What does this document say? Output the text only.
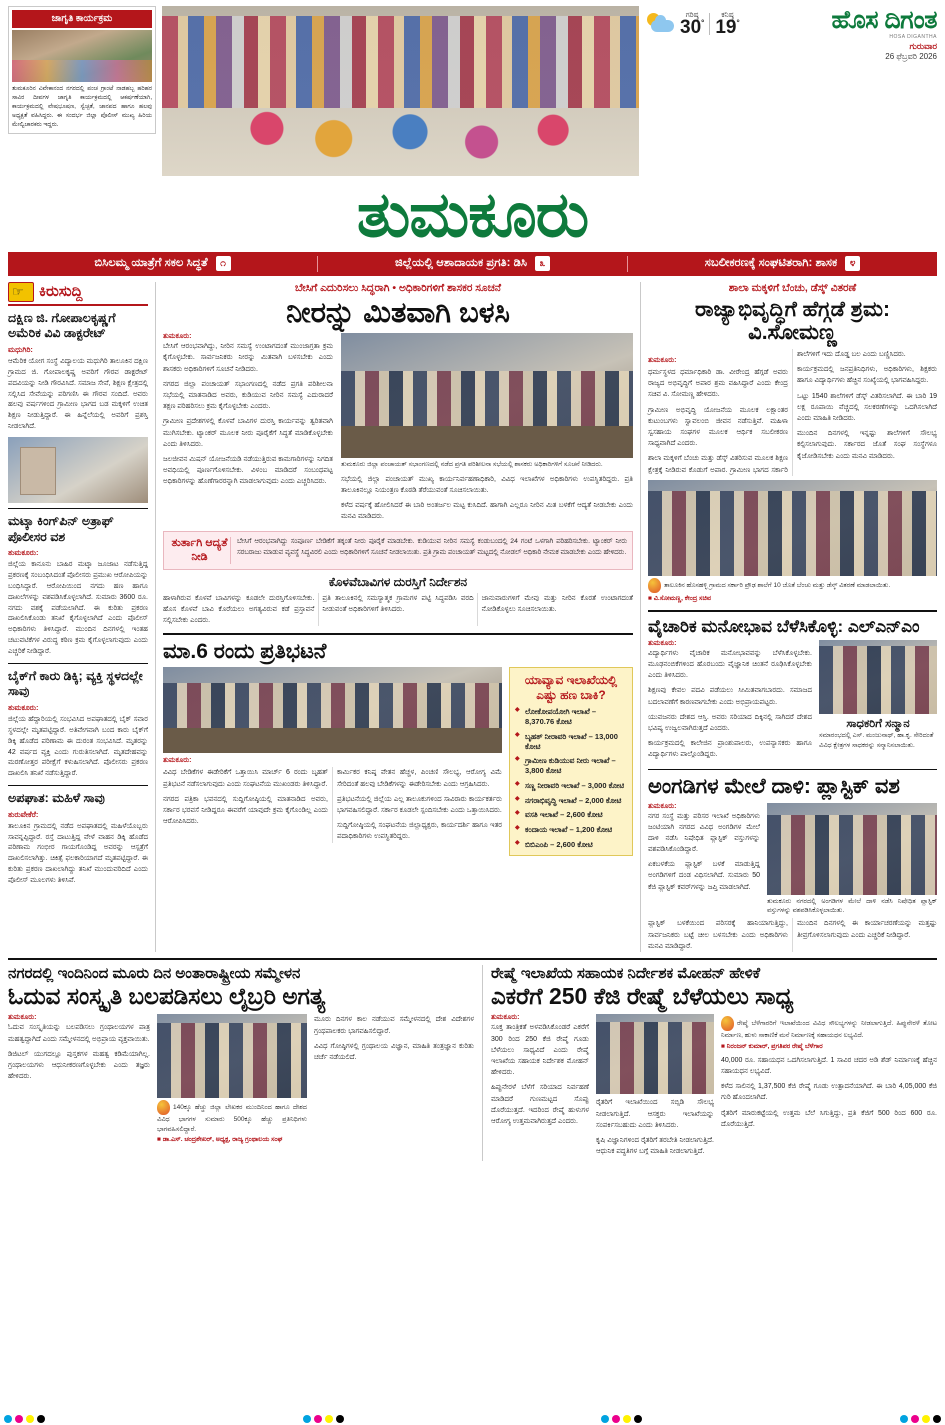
ಜಾಗೃತಿ ಕಾರ್ಯಕ್ರಮ
ತುಮಕೂರಿನ ವಿವೇಕಾನಂದ ನಗರದಲ್ಲಿ ಪಂಚ ಗ್ರಾಂಟೆ ನಾಡಹಬ್ಬ ಹರಿಹರ ಸಾವಿರ ದೀಪಗಳ ಜಾಗೃತಿ ಕಾರ್ಯಕ್ರಮದಲ್ಲಿ ಆಕರ್ಷಣೆಯಾಗಿ, ಕಾರ್ಯಕ್ರಮದಲ್ಲಿ ವೇಷಭೂಷಣ, ಸ್ವೆಚ್ಛತೆ, ಜಾನಪದ ಹಾಗೂ ಹಲವು ಅಧ್ಯಕ್ಷತೆ ವಹಿಸಿದ್ದರು. ಈ ಸಂದರ್ಭ ಜಿಲ್ಲಾ ಪೊಲೀಸ್ ಮುಖ್ಯ ಹಿರಿಯ ಮೇಲ್ವಿಚಾರಕರು ಇದ್ದರು.
ಗರಿಷ್ಠ
30°
ಕನಿಷ್ಠ
19°	ಹೊಸ ದಿಗಂತ
HOSA DIGANTHA
ಗುರುವಾರ
26 ಫೆಬ್ರವರಿ 2026
ತುಮಕೂರು
ಬಿಸಿಲಮ್ಮ ಯಾತ್ರೆಗೆ ಸಕಲ ಸಿದ್ಧತೆ	೧	ಜಿಲ್ಲೆಯಲ್ಲಿ ಆಶಾದಾಯಕ ಪ್ರಗತಿ: ಡಿಸಿ	೩	ಸಬಲೀಕರಣಕ್ಕೆ ಸಂಘಟಿತರಾಗಿ: ಶಾಸಕ	೪
☞
ಕಿರುಸುದ್ದಿ
ದಕ್ಷಿಣ ಜಿ. ಗೋಪಾಲಕೃಷ್ಣಗೆ ಅಮೆರಿಕ ವಿವಿ ಡಾಕ್ಟರೇಟ್
ಮಧುಗಿರಿ:
ಆಮೆರಿಕ ಯೋಗ ಸಂಸ್ಥೆ ವಿದ್ಯಾಲಯ ಮಧುಗಿರಿ ತಾಲೂಕಿನ ದಕ್ಷಿಣ ಗ್ರಾಮದ ಜಿ. ಗೋಪಾಲಕೃಷ್ಣ ಅವರಿಗೆ ಗೌರವ ಡಾಕ್ಟರೇಟ್ ಪದವಿಯನ್ನು ನೀಡಿ ಗೌರವಿಸಿದೆ. ಸಮಾಜ ಸೇವೆ, ಶಿಕ್ಷಣ ಕ್ಷೇತ್ರದಲ್ಲಿ ಸಲ್ಲಿಸಿದ ಸೇವೆಯನ್ನು ಪರಿಗಣಿಸಿ ಈ ಗೌರವ ಸಂದಿದೆ. ಅವರು ಹಲವು ವರ್ಷಗಳಿಂದ ಗ್ರಾಮೀಣ ಭಾಗದ ಬಡ ಮಕ್ಕಳಿಗೆ ಉಚಿತ ಶಿಕ್ಷಣ ನೀಡುತ್ತಿದ್ದಾರೆ. ಈ ಹಿನ್ನೆಲೆಯಲ್ಲಿ ಅವರಿಗೆ ಪ್ರಶಸ್ತಿ ನೀಡಲಾಗಿದೆ.
ಮಟ್ಕಾ ಕಿಂಗ್‌ಪಿನ್ ಅತ್ರಾಫ್ ಪೊಲೀಸರ ವಶ
ತುಮಕೂರು:
ಜಿಲ್ಲೆಯ ಕಾನೂನು ಬಾಹಿರ ಮಟ್ಕಾ ಜೂಜಾಟ ನಡೆಸುತ್ತಿದ್ದ ಪ್ರಕರಣಕ್ಕೆ ಸಂಬಂಧಿಸಿದಂತೆ ಪೊಲೀಸರು ಪ್ರಮುಖ ಆರೋಪಿಯನ್ನು ಬಂಧಿಸಿದ್ದಾರೆ. ಆರೋಪಿಯಿಂದ ನಗದು ಹಣ ಹಾಗೂ ದಾಖಲೆಗಳನ್ನು ವಶಪಡಿಸಿಕೊಳ್ಳಲಾಗಿದೆ. ಸುಮಾರು 3600 ರೂ. ನಗದು ವಶಕ್ಕೆ ಪಡೆಯಲಾಗಿದೆ. ಈ ಕುರಿತು ಪ್ರಕರಣ ದಾಖಲಿಸಿಕೊಂಡು ತನಿಖೆ ಕೈಗೊಳ್ಳಲಾಗಿದೆ ಎಂದು ಪೊಲೀಸ್ ಅಧಿಕಾರಿಗಳು ತಿಳಿಸಿದ್ದಾರೆ. ಮುಂದಿನ ದಿನಗಳಲ್ಲಿ ಇಂತಹ ಚಟುವಟಿಕೆಗಳ ವಿರುದ್ಧ ಕಠಿಣ ಕ್ರಮ ಕೈಗೊಳ್ಳಲಾಗುವುದು ಎಂದು ಎಚ್ಚರಿಕೆ ನೀಡಿದ್ದಾರೆ.
ಬೈಕ್‌ಗೆ ಕಾರು ಡಿಕ್ಕಿ; ವ್ಯಕ್ತಿ ಸ್ಥಳದಲ್ಲೇ ಸಾವು
ತುಮಕೂರು:
ಜಿಲ್ಲೆಯ ಹೆದ್ದಾರಿಯಲ್ಲಿ ಸಂಭವಿಸಿದ ಅಪಘಾತದಲ್ಲಿ ಬೈಕ್ ಸವಾರ ಸ್ಥಳದಲ್ಲೇ ಮೃತಪಟ್ಟಿದ್ದಾರೆ. ಅತಿವೇಗವಾಗಿ ಬಂದ ಕಾರು ಬೈಕ್‌ಗೆ ಡಿಕ್ಕಿ ಹೊಡೆದ ಪರಿಣಾಮ ಈ ದುರಂತ ಸಂಭವಿಸಿದೆ. ಮೃತರನ್ನು 42 ವರ್ಷದ ವ್ಯಕ್ತಿ ಎಂದು ಗುರುತಿಸಲಾಗಿದೆ. ಮೃತದೇಹವನ್ನು ಮರಣೋತ್ತರ ಪರೀಕ್ಷೆಗೆ ಕಳುಹಿಸಲಾಗಿದೆ. ಪೊಲೀಸರು ಪ್ರಕರಣ ದಾಖಲಿಸಿ ತನಿಖೆ ನಡೆಸುತ್ತಿದ್ದಾರೆ.
ಅಪಘಾತ: ಮಹಿಳೆ ಸಾವು
ತುರುವೇಕೆರೆ:
ತಾಲೂಕಿನ ಗ್ರಾಮದಲ್ಲಿ ನಡೆದ ಅಪಘಾತದಲ್ಲಿ ಮಹಿಳೆಯೊಬ್ಬರು ಸಾವನ್ನಪ್ಪಿದ್ದಾರೆ. ರಸ್ತೆ ದಾಟುತ್ತಿದ್ದ ವೇಳೆ ವಾಹನ ಡಿಕ್ಕಿ ಹೊಡೆದ ಪರಿಣಾಮ ಗಂಭೀರ ಗಾಯಗೊಂಡಿದ್ದ ಅವರನ್ನು ಆಸ್ಪತ್ರೆಗೆ ದಾಖಲಿಸಲಾಗಿತ್ತು. ಚಿಕಿತ್ಸೆ ಫಲಕಾರಿಯಾಗದೆ ಮೃತಪಟ್ಟಿದ್ದಾರೆ. ಈ ಕುರಿತು ಪ್ರಕರಣ ದಾಖಲಾಗಿದ್ದು ತನಿಖೆ ಮುಂದುವರಿದಿದೆ ಎಂದು ಪೊಲೀಸ್ ಮೂಲಗಳು ತಿಳಿಸಿವೆ.
ಬೇಸಿಗೆ ಎದುರಿಸಲು ಸಿದ್ಧರಾಗಿ • ಅಧಿಕಾರಿಗಳಿಗೆ ಶಾಸಕರ ಸೂಚನೆ
ನೀರನ್ನು ಮಿತವಾಗಿ ಬಳಸಿ
ತುಮಕೂರು:

ಬೇಸಿಗೆ ಆರಂಭವಾಗಿದ್ದು, ನೀರಿನ ಸಮಸ್ಯೆ ಉಂಟಾಗದಂತೆ ಮುಂಜಾಗ್ರತಾ ಕ್ರಮ ಕೈಗೊಳ್ಳಬೇಕು. ಸಾರ್ವಜನಿಕರು ನೀರನ್ನು ಮಿತವಾಗಿ ಬಳಸಬೇಕು ಎಂದು ಶಾಸಕರು ಅಧಿಕಾರಿಗಳಿಗೆ ಸೂಚನೆ ನೀಡಿದರು.

ನಗರದ ಜಿಲ್ಲಾ ಪಂಚಾಯತ್ ಸಭಾಂಗಣದಲ್ಲಿ ನಡೆದ ಪ್ರಗತಿ ಪರಿಶೀಲನಾ ಸಭೆಯಲ್ಲಿ ಮಾತನಾಡಿದ ಅವರು, ಕುಡಿಯುವ ನೀರಿನ ಸಮಸ್ಯೆ ಎದುರಾದರೆ ತಕ್ಷಣ ಪರಿಹರಿಸಲು ಕ್ರಮ ಕೈಗೊಳ್ಳಬೇಕು ಎಂದರು.

ಗ್ರಾಮೀಣ ಪ್ರದೇಶಗಳಲ್ಲಿ ಕೊಳವೆ ಬಾವಿಗಳ ದುರಸ್ತಿ ಕಾರ್ಯವನ್ನು ತ್ವರಿತವಾಗಿ ಮುಗಿಸಬೇಕು. ಟ್ಯಾಂಕರ್ ಮೂಲಕ ನೀರು ಪೂರೈಕೆಗೆ ಸಿದ್ಧತೆ ಮಾಡಿಕೊಳ್ಳಬೇಕು ಎಂದು ತಿಳಿಸಿದರು.

ಜಲಜೀವನ ಮಿಷನ್ ಯೋಜನೆಯಡಿ ನಡೆಯುತ್ತಿರುವ ಕಾಮಗಾರಿಗಳನ್ನು ನಿಗದಿತ ಅವಧಿಯಲ್ಲಿ ಪೂರ್ಣಗೊಳಿಸಬೇಕು. ವಿಳಂಬ ಮಾಡಿದರೆ ಸಂಬಂಧಪಟ್ಟ ಅಧಿಕಾರಿಗಳನ್ನು ಹೊಣೆಗಾರರನ್ನಾಗಿ ಮಾಡಲಾಗುವುದು ಎಂದು ಎಚ್ಚರಿಸಿದರು.

ತುಮಕೂರು ಜಿಲ್ಲಾ ಪಂಚಾಯತ್ ಸಭಾಂಗಣದಲ್ಲಿ ನಡೆದ ಪ್ರಗತಿ ಪರಿಶೀಲನಾ ಸಭೆಯಲ್ಲಿ ಶಾಸಕರು ಅಧಿಕಾರಿಗಳಿಗೆ ಸೂಚನೆ ನೀಡಿದರು.

ಸಭೆಯಲ್ಲಿ ಜಿಲ್ಲಾ ಪಂಚಾಯತ್ ಮುಖ್ಯ ಕಾರ್ಯನಿರ್ವಹಣಾಧಿಕಾರಿ, ವಿವಿಧ ಇಲಾಖೆಗಳ ಅಧಿಕಾರಿಗಳು ಉಪಸ್ಥಿತರಿದ್ದರು. ಪ್ರತಿ ತಾಲೂಕಿನಲ್ಲೂ ನಿಯಂತ್ರಣ ಕೊಠಡಿ ತೆರೆಯುವಂತೆ ಸೂಚಿಸಲಾಯಿತು.

ಕಳೆದ ವರ್ಷಕ್ಕೆ ಹೋಲಿಸಿದರೆ ಈ ಬಾರಿ ಅಂತರ್ಜಲ ಮಟ್ಟ ಕುಸಿದಿದೆ. ಹಾಗಾಗಿ ಎಲ್ಲರೂ ನೀರಿನ ಮಿತ ಬಳಕೆಗೆ ಆದ್ಯತೆ ನೀಡಬೇಕು ಎಂದು ಮನವಿ ಮಾಡಿದರು.

ತುರ್ತಾಗಿ ಆದ್ಯತೆ ನೀಡಿ
ಬೇಸಿಗೆ ಆರಂಭವಾಗಿದ್ದು ಸಂಪೂರ್ಣ ಬೇಡಿಕೆಗೆ ತಕ್ಕಂತೆ ನೀರು ಪೂರೈಕೆ ಮಾಡಬೇಕು. ಕುಡಿಯುವ ನೀರಿನ ಸಮಸ್ಯೆ ಕಂಡುಬಂದಲ್ಲಿ 24 ಗಂಟೆ ಒಳಗಾಗಿ ಪರಿಹರಿಸಬೇಕು. ಟ್ಯಾಂಕರ್ ನೀರು ಸರಬರಾಜು ಮಾಡುವ ವ್ಯವಸ್ಥೆ ಸಿದ್ಧವಿರಲಿ ಎಂದು ಅಧಿಕಾರಿಗಳಿಗೆ ಸೂಚನೆ ನೀಡಲಾಯಿತು. ಪ್ರತಿ ಗ್ರಾಮ ಪಂಚಾಯತ್ ಮಟ್ಟದಲ್ಲಿ ನೋಡಲ್ ಅಧಿಕಾರಿ ನೇಮಕ ಮಾಡಬೇಕು ಎಂದು ಹೇಳಿದರು.
ಕೊಳವೆಬಾವಿಗಳ ದುರಸ್ತಿಗೆ ನಿರ್ದೇಶನ

ಹಾಳಾಗಿರುವ ಕೊಳವೆ ಬಾವಿಗಳನ್ನು ಕೂಡಲೇ ದುರಸ್ತಿಗೊಳಿಸಬೇಕು. ಹೊಸ ಕೊಳವೆ ಬಾವಿ ಕೊರೆಯಲು ಅಗತ್ಯವಿರುವ ಕಡೆ ಪ್ರಸ್ತಾವನೆ ಸಲ್ಲಿಸಬೇಕು ಎಂದರು.

ಪ್ರತಿ ತಾಲೂಕಿನಲ್ಲಿ ಸಮಸ್ಯಾತ್ಮಕ ಗ್ರಾಮಗಳ ಪಟ್ಟಿ ಸಿದ್ಧಪಡಿಸಿ ವರದಿ ನೀಡುವಂತೆ ಅಧಿಕಾರಿಗಳಿಗೆ ತಿಳಿಸಿದರು.

ಜಾನುವಾರುಗಳಿಗೆ ಮೇವು ಮತ್ತು ನೀರಿನ ಕೊರತೆ ಉಂಟಾಗದಂತೆ ನೋಡಿಕೊಳ್ಳಲು ಸೂಚಿಸಲಾಯಿತು.

ಮಾ.6 ರಂದು ಪ್ರತಿಭಟನೆ
ತುಮಕೂರು:

ವಿವಿಧ ಬೇಡಿಕೆಗಳ ಈಡೇರಿಕೆಗೆ ಒತ್ತಾಯಿಸಿ ಮಾರ್ಚ್ 6 ರಂದು ಬೃಹತ್ ಪ್ರತಿಭಟನೆ ನಡೆಸಲಾಗುವುದು ಎಂದು ಸಂಘಟನೆಯ ಮುಖಂಡರು ತಿಳಿಸಿದ್ದಾರೆ.

ನಗರದ ಪತ್ರಿಕಾ ಭವನದಲ್ಲಿ ಸುದ್ದಿಗೋಷ್ಠಿಯಲ್ಲಿ ಮಾತನಾಡಿದ ಅವರು, ಸರ್ಕಾರ ಭರವಸೆ ನೀಡಿದ್ದರೂ ಈವರೆಗೆ ಯಾವುದೇ ಕ್ರಮ ಕೈಗೊಂಡಿಲ್ಲ ಎಂದು ಆರೋಪಿಸಿದರು.

ಕಾರ್ಮಿಕರ ಕನಿಷ್ಠ ವೇತನ ಹೆಚ್ಚಳ, ಪಿಂಚಣಿ ಸೌಲಭ್ಯ, ಆರೋಗ್ಯ ವಿಮೆ ಸೇರಿದಂತೆ ಹಲವು ಬೇಡಿಕೆಗಳನ್ನು ಈಡೇರಿಸಬೇಕು ಎಂದು ಆಗ್ರಹಿಸಿದರು.

ಪ್ರತಿಭಟನೆಯಲ್ಲಿ ಜಿಲ್ಲೆಯ ಎಲ್ಲ ತಾಲೂಕುಗಳಿಂದ ಸಾವಿರಾರು ಕಾರ್ಯಕರ್ತರು ಭಾಗವಹಿಸಲಿದ್ದಾರೆ. ಸರ್ಕಾರ ಕೂಡಲೇ ಸ್ಪಂದಿಸಬೇಕು ಎಂದು ಒತ್ತಾಯಿಸಿದರು.

ಸುದ್ದಿಗೋಷ್ಠಿಯಲ್ಲಿ ಸಂಘಟನೆಯ ಜಿಲ್ಲಾಧ್ಯಕ್ಷರು, ಕಾರ್ಯದರ್ಶಿ ಹಾಗೂ ಇತರ ಪದಾಧಿಕಾರಿಗಳು ಉಪಸ್ಥಿತರಿದ್ದರು.

ಯಾವ್ಯಾವ ಇಲಾಖೆಯಲ್ಲಿ ಎಷ್ಟು ಹಣ ಬಾಕಿ?
◆ ಲೋಕೋಪಯೋಗಿ ಇಲಾಖೆ – 8,370.76 ಕೋಟಿ
◆ ಬೃಹತ್ ನೀರಾವರಿ ಇಲಾಖೆ – 13,000 ಕೋಟಿ
◆ ಗ್ರಾಮೀಣ ಕುಡಿಯುವ ನೀರು ಇಲಾಖೆ – 3,800 ಕೋಟಿ
◆ ಸಣ್ಣ ನೀರಾವರಿ ಇಲಾಖೆ – 3,000 ಕೋಟಿ
◆ ನಗರಾಭಿವೃದ್ಧಿ ಇಲಾಖೆ – 2,000 ಕೋಟಿ
◆ ವಸತಿ ಇಲಾಖೆ – 2,600 ಕೋಟಿ
◆ ಕಂದಾಯ ಇಲಾಖೆ – 1,200 ಕೋಟಿ
◆ ಬಿಬಿಎಂಪಿ – 2,600 ಕೋಟಿ
ಶಾಲಾ ಮಕ್ಕಳಿಗೆ ಬೆಂಚು, ಡೆಸ್ಕ್ ವಿತರಣೆ
ರಾಜ್ಯಾಭಿವೃದ್ಧಿಗೆ ಹೆಗ್ಗಡೆ ಶ್ರಮ: ವಿ.ಸೋಮಣ್ಣ
ತುಮಕೂರು:

ಧರ್ಮಸ್ಥಳದ ಧರ್ಮಾಧಿಕಾರಿ ಡಾ. ವೀರೇಂದ್ರ ಹೆಗ್ಗಡೆ ಅವರು ರಾಜ್ಯದ ಅಭಿವೃದ್ಧಿಗೆ ಅಪಾರ ಶ್ರಮ ವಹಿಸಿದ್ದಾರೆ ಎಂದು ಕೇಂದ್ರ ಸಚಿವ ವಿ. ಸೋಮಣ್ಣ ಹೇಳಿದರು.

ಗ್ರಾಮೀಣ ಅಭಿವೃದ್ಧಿ ಯೋಜನೆಯ ಮೂಲಕ ಲಕ್ಷಾಂತರ ಕುಟುಂಬಗಳು ಸ್ವಾವಲಂಬಿ ಜೀವನ ನಡೆಸುತ್ತಿವೆ. ಮಹಿಳಾ ಸ್ವಸಹಾಯ ಸಂಘಗಳ ಮೂಲಕ ಆರ್ಥಿಕ ಸಬಲೀಕರಣ ಸಾಧ್ಯವಾಗಿದೆ ಎಂದರು.

ಶಾಲಾ ಮಕ್ಕಳಿಗೆ ಬೆಂಚು ಮತ್ತು ಡೆಸ್ಕ್ ವಿತರಿಸುವ ಮೂಲಕ ಶಿಕ್ಷಣ ಕ್ಷೇತ್ರಕ್ಕೆ ನೀಡಿರುವ ಕೊಡುಗೆ ಅಪಾರ. ಗ್ರಾಮೀಣ ಭಾಗದ ಸರ್ಕಾರಿ ಶಾಲೆಗಳಿಗೆ ಇದು ದೊಡ್ಡ ಬಲ ಎಂದು ಬಣ್ಣಿಸಿದರು.

ಕಾರ್ಯಕ್ರಮದಲ್ಲಿ ಜನಪ್ರತಿನಿಧಿಗಳು, ಅಧಿಕಾರಿಗಳು, ಶಿಕ್ಷಕರು ಹಾಗೂ ವಿದ್ಯಾರ್ಥಿಗಳು ಹೆಚ್ಚಿನ ಸಂಖ್ಯೆಯಲ್ಲಿ ಭಾಗವಹಿಸಿದ್ದರು.

ಒಟ್ಟು 1540 ಶಾಲೆಗಳಿಗೆ ಡೆಸ್ಕ್ ವಿತರಿಸಲಾಗಿದೆ. ಈ ಬಾರಿ 19 ಲಕ್ಷ ರೂಪಾಯಿ ವೆಚ್ಚದಲ್ಲಿ ಸಲಕರಣೆಗಳನ್ನು ಒದಗಿಸಲಾಗಿದೆ ಎಂದು ಮಾಹಿತಿ ನೀಡಿದರು.

ಮುಂದಿನ ದಿನಗಳಲ್ಲಿ ಇನ್ನಷ್ಟು ಶಾಲೆಗಳಿಗೆ ಸೌಲಭ್ಯ ಕಲ್ಪಿಸಲಾಗುವುದು. ಸರ್ಕಾರದ ಜೊತೆ ಸಂಘ ಸಂಸ್ಥೆಗಳೂ ಕೈಜೋಡಿಸಬೇಕು ಎಂದು ಮನವಿ ಮಾಡಿದರು.

ತಾಲೂಕಿನ ಹೊಸಹಳ್ಳಿ ಗ್ರಾಮದ ಸರ್ಕಾರಿ ಪ್ರೌಢ ಶಾಲೆಗೆ 10 ಜೊತೆ ಬೆಂಚು ಮತ್ತು ಡೆಸ್ಕ್ ವಿತರಣೆ ಮಾಡಲಾಯಿತು.
■ ವಿ.ಸೋಮಣ್ಣ, ಕೇಂದ್ರ ಸಚಿವ
ವೈಚಾರಿಕ ಮನೋಭಾವ ಬೆಳೆಸಿಕೊಳ್ಳಿ: ಎಲ್‌ಎನ್‌ಎಂ
ತುಮಕೂರು:

ವಿದ್ಯಾರ್ಥಿಗಳು ವೈಚಾರಿಕ ಮನೋಭಾವವನ್ನು ಬೆಳೆಸಿಕೊಳ್ಳಬೇಕು. ಮೂಢನಂಬಿಕೆಗಳಿಂದ ಹೊರಬಂದು ವೈಜ್ಞಾನಿಕ ಚಿಂತನೆ ರೂಢಿಸಿಕೊಳ್ಳಬೇಕು ಎಂದು ತಿಳಿಸಿದರು.

ಶಿಕ್ಷಣವು ಕೇವಲ ಪದವಿ ಪಡೆಯಲು ಸೀಮಿತವಾಗಬಾರದು. ಸಮಾಜದ ಬದಲಾವಣೆಗೆ ಕಾರಣವಾಗಬೇಕು ಎಂದು ಅಭಿಪ್ರಾಯಪಟ್ಟರು.

ಯುವಜನರು ದೇಶದ ಆಸ್ತಿ. ಅವರು ಸರಿಯಾದ ದಿಕ್ಕಿನಲ್ಲಿ ಸಾಗಿದರೆ ದೇಶದ ಭವಿಷ್ಯ ಉಜ್ವಲವಾಗಿರುತ್ತದೆ ಎಂದರು.

ಕಾರ್ಯಕ್ರಮದಲ್ಲಿ ಕಾಲೇಜಿನ ಪ್ರಾಂಶುಪಾಲರು, ಉಪನ್ಯಾಸಕರು ಹಾಗೂ ವಿದ್ಯಾರ್ಥಿಗಳು ಪಾಲ್ಗೊಂಡಿದ್ದರು.

ಸಾಧಕರಿಗೆ ಸನ್ಮಾನ
ಸಮಾರಂಭದಲ್ಲಿ ಎಸ್. ಮಂಜುನಾಥ್, ಹಾ.ಕೃ. ಸೇರಿದಂತೆ ವಿವಿಧ ಕ್ಷೇತ್ರಗಳ ಸಾಧಕರನ್ನು ಸನ್ಮಾನಿಸಲಾಯಿತು.
ಅಂಗಡಿಗಳ ಮೇಲೆ ದಾಳಿ: ಪ್ಲಾಸ್ಟಿಕ್ ವಶ
ತುಮಕೂರು:

ನಗರ ಸಂಸ್ಥೆ ಮತ್ತು ಪರಿಸರ ಇಲಾಖೆ ಅಧಿಕಾರಿಗಳು ಜಂಟಿಯಾಗಿ ನಗರದ ವಿವಿಧ ಅಂಗಡಿಗಳ ಮೇಲೆ ದಾಳಿ ನಡೆಸಿ ನಿಷೇಧಿತ ಪ್ಲಾಸ್ಟಿಕ್ ವಸ್ತುಗಳನ್ನು ವಶಪಡಿಸಿಕೊಂಡಿದ್ದಾರೆ.

ಏಕಬಳಕೆಯ ಪ್ಲಾಸ್ಟಿಕ್ ಬಳಕೆ ಮಾಡುತ್ತಿದ್ದ ಅಂಗಡಿಗಳಿಗೆ ದಂಡ ವಿಧಿಸಲಾಗಿದೆ. ಸುಮಾರು 50 ಕೆಜಿ ಪ್ಲಾಸ್ಟಿಕ್ ಕವರ್‌ಗಳನ್ನು ಜಪ್ತಿ ಮಾಡಲಾಗಿದೆ.

ತುಮಕೂರು ನಗರದಲ್ಲಿ ಅಂಗಡಿಗಳ ಮೇಲೆ ದಾಳಿ ನಡೆಸಿ ನಿಷೇಧಿತ ಪ್ಲಾಸ್ಟಿಕ್ ವಸ್ತುಗಳನ್ನು ವಶಪಡಿಸಿಕೊಳ್ಳಲಾಯಿತು.

ಪ್ಲಾಸ್ಟಿಕ್ ಬಳಕೆಯಿಂದ ಪರಿಸರಕ್ಕೆ ಹಾನಿಯಾಗುತ್ತಿದ್ದು, ಸಾರ್ವಜನಿಕರು ಬಟ್ಟೆ ಚೀಲ ಬಳಸಬೇಕು ಎಂದು ಅಧಿಕಾರಿಗಳು ಮನವಿ ಮಾಡಿದ್ದಾರೆ.

ಮುಂದಿನ ದಿನಗಳಲ್ಲಿ ಈ ಕಾರ್ಯಾಚರಣೆಯನ್ನು ಮತ್ತಷ್ಟು ತೀವ್ರಗೊಳಿಸಲಾಗುವುದು ಎಂದು ಎಚ್ಚರಿಕೆ ನೀಡಿದ್ದಾರೆ.

ನಗರದಲ್ಲಿ ಇಂದಿನಿಂದ ಮೂರು ದಿನ ಅಂತಾರಾಷ್ಟ್ರೀಯ ಸಮ್ಮೇಳನ
ಓದುವ ಸಂಸ್ಕೃತಿ ಬಲಪಡಿಸಲು ಲೈಬ್ರರಿ ಅಗತ್ಯ
ತುಮಕೂರು:

ಓದುವ ಸಂಸ್ಕೃತಿಯನ್ನು ಬಲಪಡಿಸಲು ಗ್ರಂಥಾಲಯಗಳ ಪಾತ್ರ ಮಹತ್ವದ್ದಾಗಿದೆ ಎಂದು ಸಮ್ಮೇಳನದಲ್ಲಿ ಅಭಿಪ್ರಾಯ ವ್ಯಕ್ತವಾಯಿತು.

ಡಿಜಿಟಲ್ ಯುಗದಲ್ಲೂ ಪುಸ್ತಕಗಳ ಮಹತ್ವ ಕಡಿಮೆಯಾಗಿಲ್ಲ. ಗ್ರಂಥಾಲಯಗಳು ಆಧುನೀಕರಣಗೊಳ್ಳಬೇಕು ಎಂದು ತಜ್ಞರು ಹೇಳಿದರು.

140ಕ್ಕೂ ಹೆಚ್ಚು ಜಿಲ್ಲಾ ಲೇಖಕರ ಮುಂದಿನಿಂದ ಹಾಗೂ ದೇಶದ ವಿವಿಧ ಭಾಗಗಳ ಸುಮಾರು 500ಕ್ಕೂ ಹೆಚ್ಚು ಪ್ರತಿನಿಧಿಗಳು ಭಾಗವಹಿಸಲಿದ್ದಾರೆ.
■ ಡಾ.ಎಸ್. ಚಂದ್ರಶೇಖರ್, ಅಧ್ಯಕ್ಷ, ರಾಜ್ಯ ಗ್ರಂಥಾಲಯ ಸಂಘ

ಮೂರು ದಿನಗಳ ಕಾಲ ನಡೆಯುವ ಸಮ್ಮೇಳನದಲ್ಲಿ ದೇಶ ವಿದೇಶಗಳ ಗ್ರಂಥಪಾಲಕರು ಭಾಗವಹಿಸಲಿದ್ದಾರೆ.

ವಿವಿಧ ಗೋಷ್ಠಿಗಳಲ್ಲಿ ಗ್ರಂಥಾಲಯ ವಿಜ್ಞಾನ, ಮಾಹಿತಿ ತಂತ್ರಜ್ಞಾನ ಕುರಿತು ಚರ್ಚೆ ನಡೆಯಲಿದೆ.

ರೇಷ್ಮೆ ಇಲಾಖೆಯ ಸಹಾಯಕ ನಿರ್ದೇಶಕ ಮೋಹನ್ ಹೇಳಿಕೆ
ಎಕರೆಗೆ 250 ಕೆಜಿ ರೇಷ್ಮೆ ಬೆಳೆಯಲು ಸಾಧ್ಯ
ತುಮಕೂರು:

ಸೂಕ್ತ ತಾಂತ್ರಿಕತೆ ಅಳವಡಿಸಿಕೊಂಡರೆ ಎಕರೆಗೆ 300 ರಿಂದ 250 ಕೆಜಿ ರೇಷ್ಮೆ ಗೂಡು ಬೆಳೆಯಲು ಸಾಧ್ಯವಿದೆ ಎಂದು ರೇಷ್ಮೆ ಇಲಾಖೆಯ ಸಹಾಯಕ ನಿರ್ದೇಶಕ ಮೋಹನ್ ಹೇಳಿದರು.

ಹಿಪ್ಪುನೇರಳೆ ಬೆಳೆಗೆ ಸರಿಯಾದ ನಿರ್ವಹಣೆ ಮಾಡಿದರೆ ಗುಣಮಟ್ಟದ ಸೊಪ್ಪು ದೊರೆಯುತ್ತದೆ. ಇದರಿಂದ ರೇಷ್ಮೆ ಹುಳುಗಳ ಆರೋಗ್ಯ ಉತ್ತಮವಾಗಿರುತ್ತದೆ ಎಂದರು.

ರೈತರಿಗೆ ಇಲಾಖೆಯಿಂದ ಸಬ್ಸಿಡಿ ಸೌಲಭ್ಯ ನೀಡಲಾಗುತ್ತಿದೆ. ಆಸಕ್ತರು ಇಲಾಖೆಯನ್ನು ಸಂಪರ್ಕಿಸಬಹುದು ಎಂದು ತಿಳಿಸಿದರು.

ಕೃಷಿ ವಿಜ್ಞಾನಿಗಳಿಂದ ರೈತರಿಗೆ ತರಬೇತಿ ನೀಡಲಾಗುತ್ತಿದೆ. ಆಧುನಿಕ ಪದ್ಧತಿಗಳ ಬಗ್ಗೆ ಮಾಹಿತಿ ನೀಡಲಾಗುತ್ತಿದೆ.

ರೇಷ್ಮೆ ಬೆಳೆಗಾರರಿಗೆ ಇಲಾಖೆಯಿಂದ ವಿವಿಧ ಸೌಲಭ್ಯಗಳನ್ನು ನೀಡಲಾಗುತ್ತಿದೆ. ಹಿಪ್ಪುನೇರಳೆ ತೋಟ ನಿರ್ಮಾಣ, ಹುಳು ಸಾಕಾಣಿಕೆ ಮನೆ ನಿರ್ಮಾಣಕ್ಕೆ ಸಹಾಯಧನ ಲಭ್ಯವಿದೆ.
■ ನಿರಂಜನ್ ಕುಮಾರ್, ಪ್ರಗತಿಪರ ರೇಷ್ಮೆ ಬೆಳೆಗಾರ

40,000 ರೂ. ಸಹಾಯಧನ ಒದಗಿಸಲಾಗುತ್ತಿದೆ. 1 ಸಾವಿರ ಚದರ ಅಡಿ ಶೆಡ್ ನಿರ್ಮಾಣಕ್ಕೆ ಹೆಚ್ಚಿನ ಸಹಾಯಧನ ಲಭ್ಯವಿದೆ.

ಕಳೆದ ಸಾಲಿನಲ್ಲಿ 1,37,500 ಕೆಜಿ ರೇಷ್ಮೆ ಗೂಡು ಉತ್ಪಾದನೆಯಾಗಿದೆ. ಈ ಬಾರಿ 4,05,000 ಕೆಜಿ ಗುರಿ ಹೊಂದಲಾಗಿದೆ.

ರೈತರಿಗೆ ಮಾರುಕಟ್ಟೆಯಲ್ಲಿ ಉತ್ತಮ ಬೆಲೆ ಸಿಗುತ್ತಿದ್ದು, ಪ್ರತಿ ಕೆಜಿಗೆ 500 ರಿಂದ 600 ರೂ. ದೊರೆಯುತ್ತಿದೆ.
